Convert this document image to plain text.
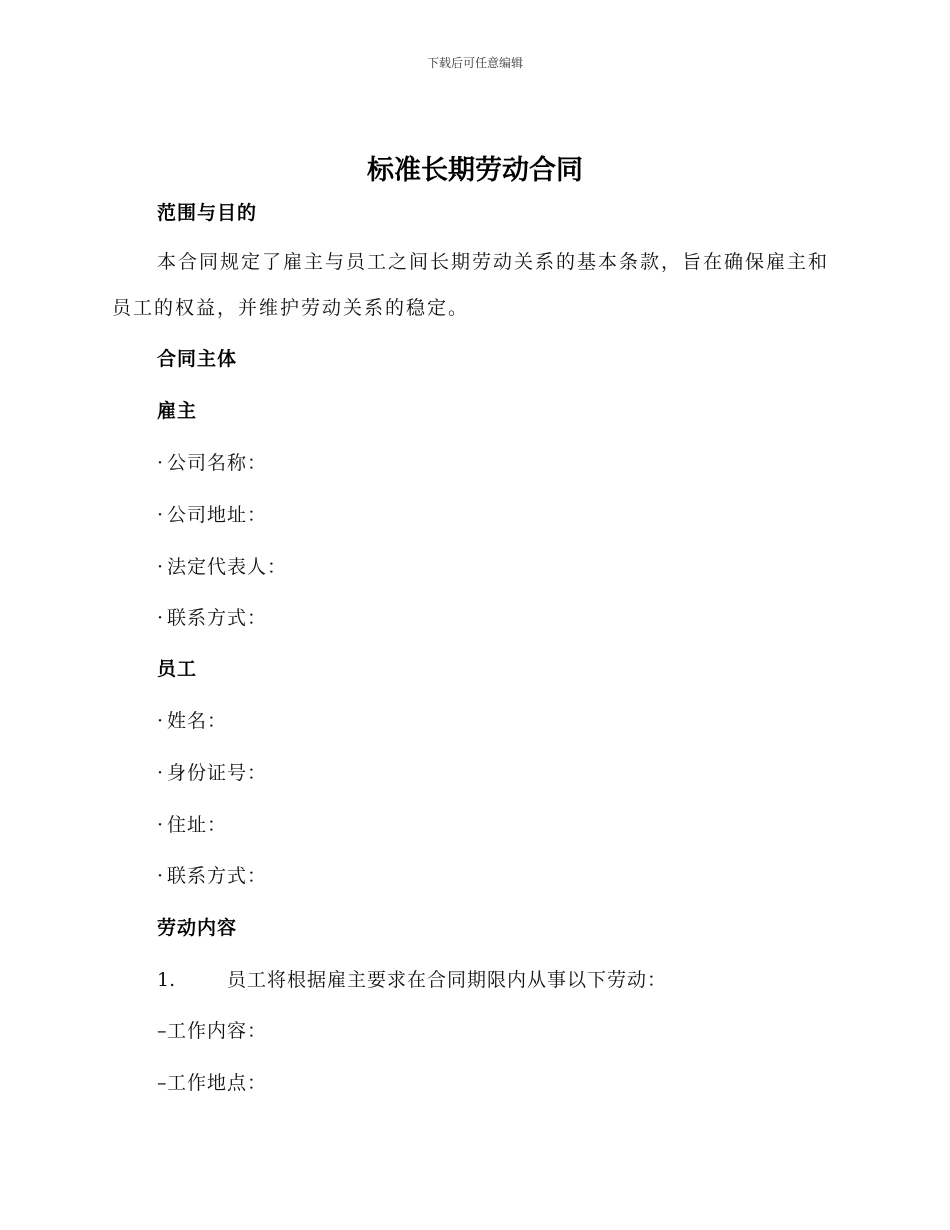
下载后可任意编辑
标准长期劳动合同
范围与目的
本合同规定了雇主与员工之间长期劳动关系的基本条款，旨在确保雇主和员工的权益，并维护劳动关系的稳定。
合同主体
雇主
· 公司名称：
· 公司地址：
· 法定代表人：
· 联系方式：
员工
· 姓名：
· 身份证号：
· 住址：
· 联系方式：
劳动内容
1.	员工将根据雇主要求在合同期限内从事以下劳动：
–工作内容：
–工作地点：
